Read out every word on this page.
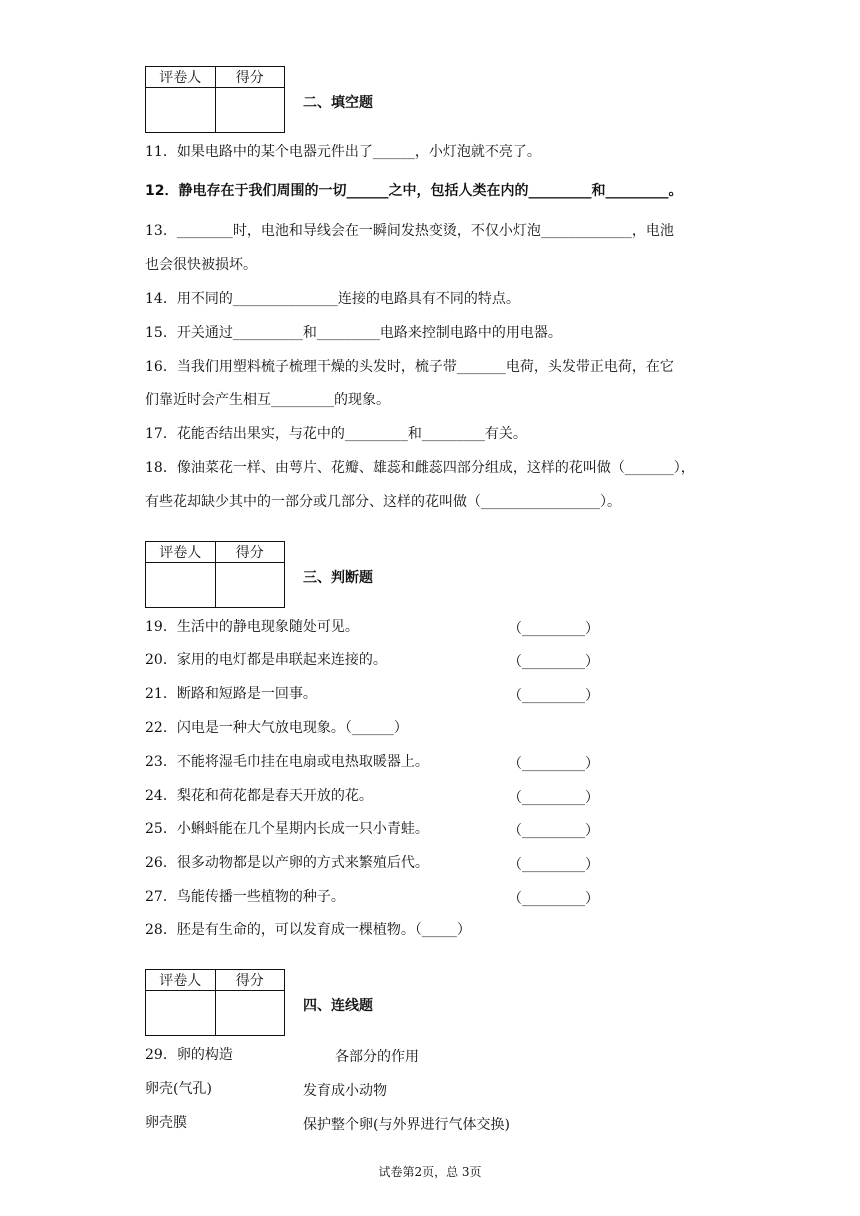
评卷人	得分

二、填空题
11．如果电路中的某个电器元件出了______，小灯泡就不亮了。
12．静电存在于我们周围的一切______之中，包括人类在内的_________和_________。
13．________时，电池和导线会在一瞬间发热变烫，不仅小灯泡_____________，电池
也会很快被损坏。
14．用不同的_______________连接的电路具有不同的特点。
15．开关通过__________和_________电路来控制电路中的用电器。
16．当我们用塑料梳子梳理干燥的头发时，梳子带_______电荷，头发带正电荷，在它
们靠近时会产生相互_________的现象。
17．花能否结出果实，与花中的_________和_________有关。
18．像油菜花一样、由萼片、花瓣、雄蕊和雌蕊四部分组成，这样的花叫做（_______），
有些花却缺少其中的一部分或几部分、这样的花叫做（_________________）。
评卷人	得分

三、判断题
19．生活中的静电现象随处可见。	（_________）
20．家用的电灯都是串联起来连接的。	（_________）
21．断路和短路是一回事。	（_________）
22．闪电是一种大气放电现象。（______）
23．不能将湿毛巾挂在电扇或电热取暖器上。	（_________）
24．梨花和荷花都是春天开放的花。	（_________）
25．小蝌蚪能在几个星期内长成一只小青蛙。	（_________）
26．很多动物都是以产卵的方式来繁殖后代。	（_________）
27．鸟能传播一些植物的种子。	（_________）
28．胚是有生命的，可以发育成一棵植物。（_____）
评卷人	得分

四、连线题
29．卵的构造	各部分的作用
卵壳(气孔)	发育成小动物
卵壳膜	保护整个卵(与外界进行气体交换)
试卷第2页，总 3页
